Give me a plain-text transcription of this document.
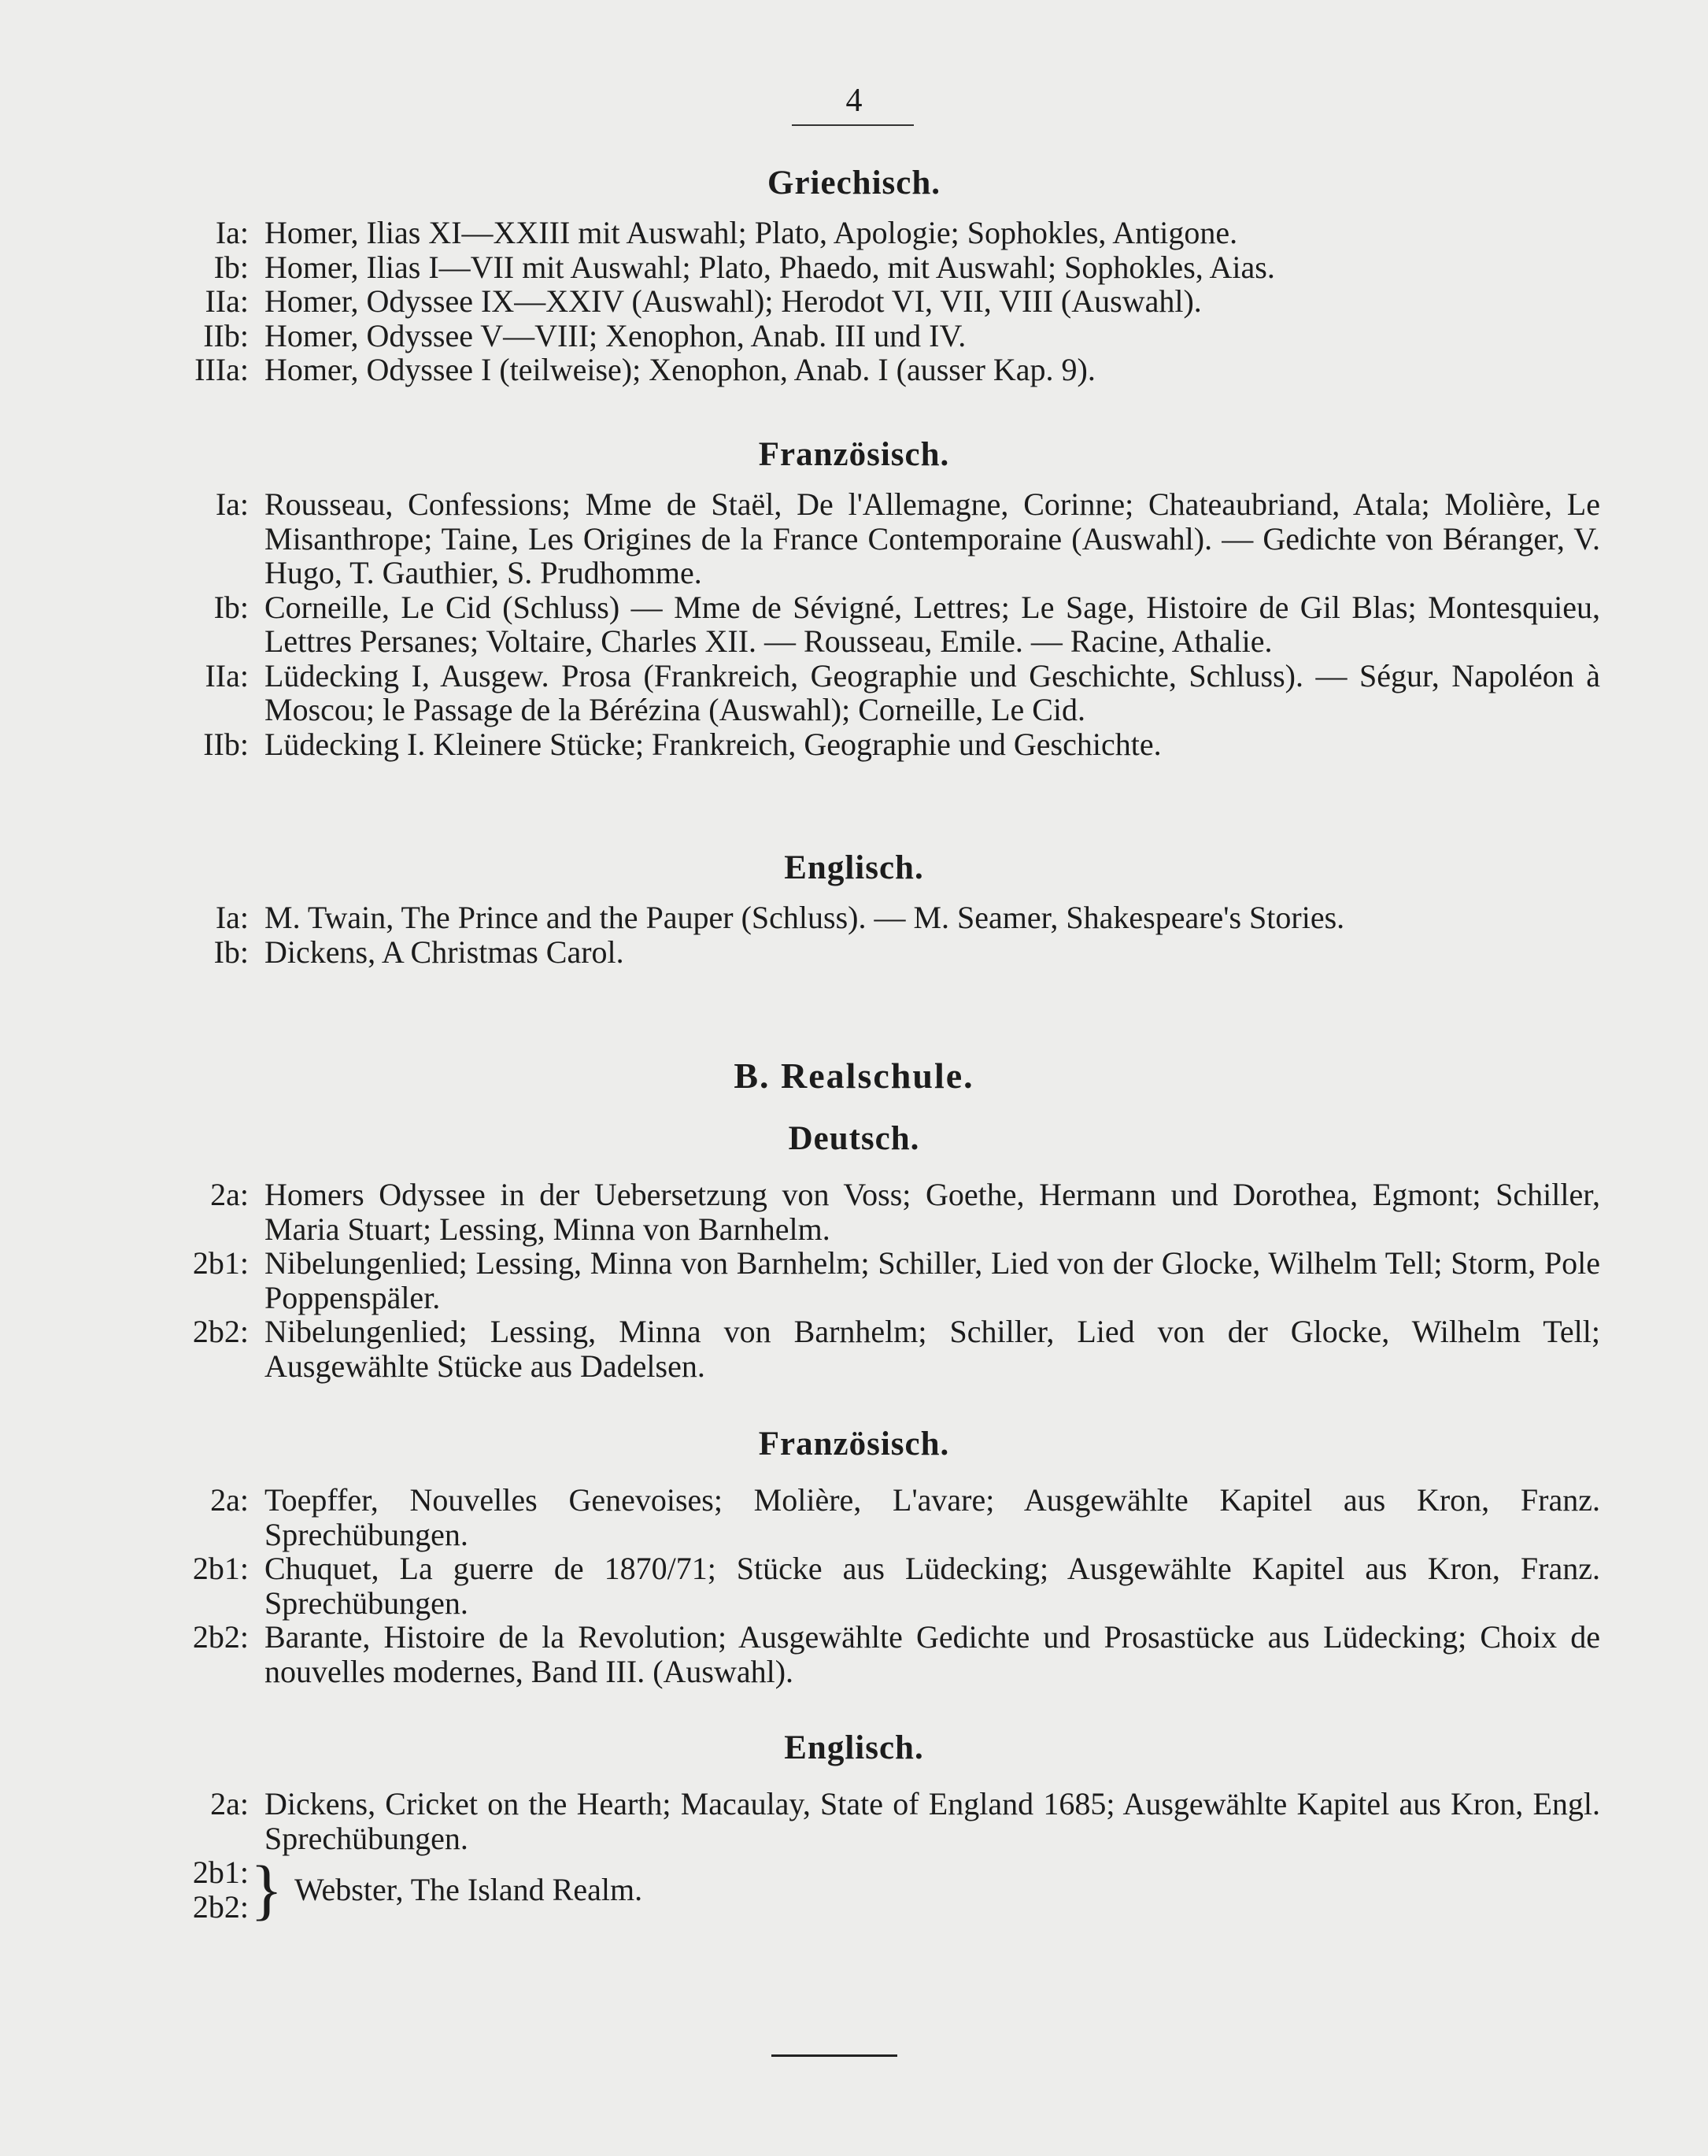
4
Griechisch.
Ia: Homer, Ilias XI—XXIII mit Auswahl; Plato, Apologie; Sophokles, Antigone.
Ib: Homer, Ilias I—VII mit Auswahl; Plato, Phaedo, mit Auswahl; Sophokles, Aias.
IIa: Homer, Odyssee IX—XXIV (Auswahl); Herodot VI, VII, VIII (Auswahl).
IIb: Homer, Odyssee V—VIII; Xenophon, Anab. III und IV.
IIIa: Homer, Odyssee I (teilweise); Xenophon, Anab. I (ausser Kap. 9).
Französisch.
Ia: Rousseau, Confessions; Mme de Staël, De l'Allemagne, Corinne; Chateaubriand, Atala; Molière, Le Misanthrope; Taine, Les Origines de la France Contemporaine (Auswahl). — Gedichte von Béranger, V. Hugo, T. Gauthier, S. Prudhomme.
Ib: Corneille, Le Cid (Schluss) — Mme de Sévigné, Lettres; Le Sage, Histoire de Gil Blas; Montesquieu, Lettres Persanes; Voltaire, Charles XII. — Rousseau, Emile. — Racine, Athalie.
IIa: Lüdecking I, Ausgew. Prosa (Frankreich, Geographie und Geschichte, Schluss). — Ségur, Napoléon à Moscou; le Passage de la Bérézina (Auswahl); Corneille, Le Cid.
IIb: Lüdecking I. Kleinere Stücke; Frankreich, Geographie und Geschichte.
Englisch.
Ia: M. Twain, The Prince and the Pauper (Schluss). — M. Seamer, Shakespeare's Stories.
Ib: Dickens, A Christmas Carol.
B. Realschule.
Deutsch.
2a: Homers Odyssee in der Uebersetzung von Voss; Goethe, Hermann und Dorothea, Egmont; Schiller, Maria Stuart; Lessing, Minna von Barnhelm.
2b1: Nibelungenlied; Lessing, Minna von Barnhelm; Schiller, Lied von der Glocke, Wilhelm Tell; Storm, Pole Poppenspäler.
2b2: Nibelungenlied; Lessing, Minna von Barnhelm; Schiller, Lied von der Glocke, Wilhelm Tell; Ausgewählte Stücke aus Dadelsen.
Französisch.
2a: Toepffer, Nouvelles Genevoises; Molière, L'avare; Ausgewählte Kapitel aus Kron, Franz. Sprechübungen.
2b1: Chuquet, La guerre de 1870/71; Stücke aus Lüdecking; Ausgewählte Kapitel aus Kron, Franz. Sprechübungen.
2b2: Barante, Histoire de la Revolution; Ausgewählte Gedichte und Prosastücke aus Lüdecking; Choix de nouvelles modernes, Band III. (Auswahl).
Englisch.
2a: Dickens, Cricket on the Hearth; Macaulay, State of England 1685; Ausgewählte Kapitel aus Kron, Engl. Sprechübungen.
2b1:
2b2: } Webster, The Island Realm.
